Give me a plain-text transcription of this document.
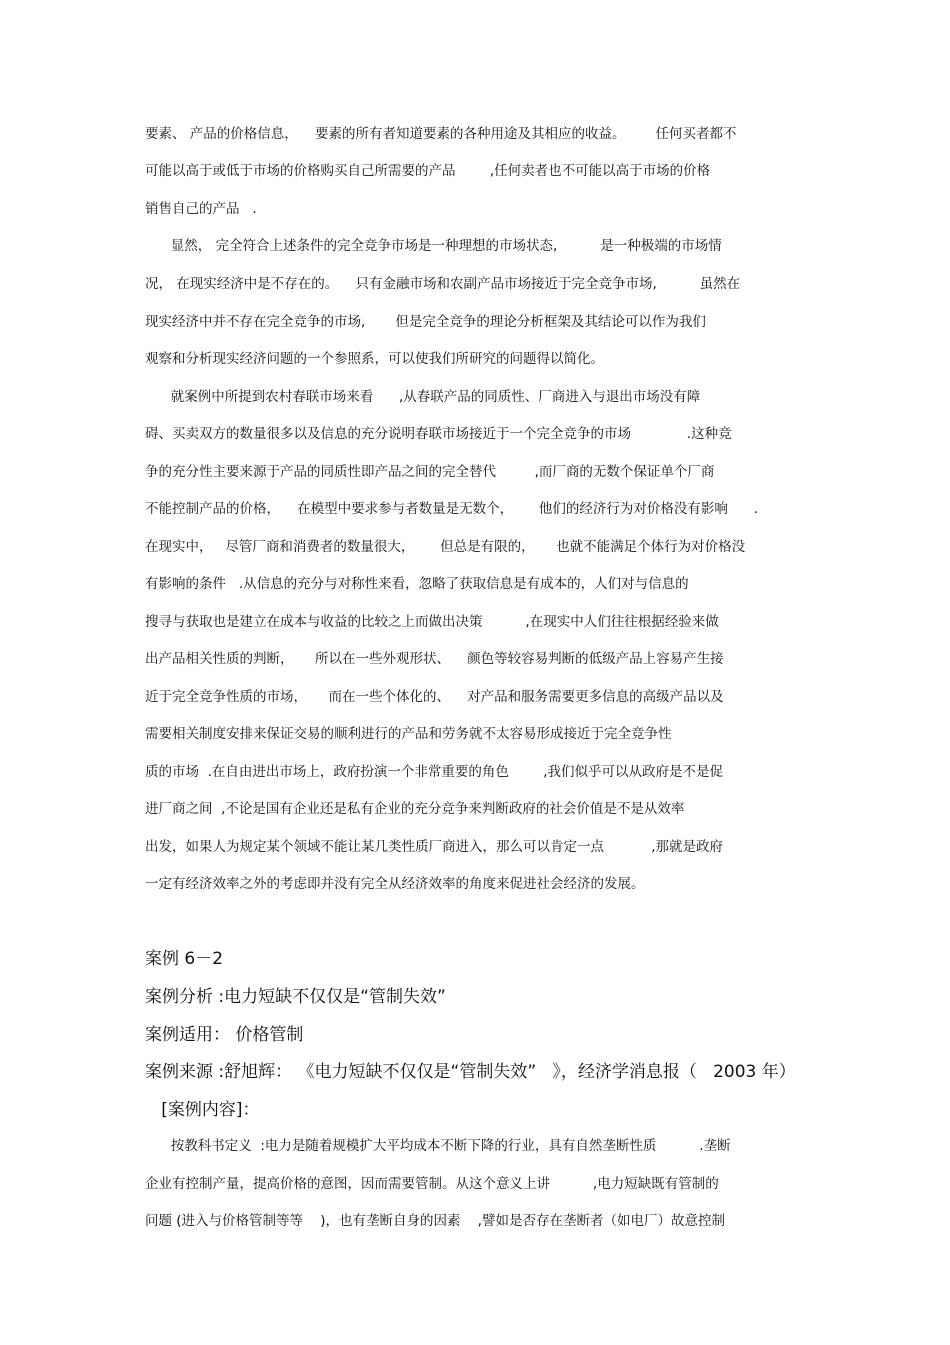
要素、 产品的价格信息，    要素的所有者知道要素的各种用途及其相应的收益。       任何买者都不
可能以高于或低于市场的价格购买自己所需要的产品        ,任何卖者也不可能以高于市场的价格
销售自己的产品   .
显然， 完全符合上述条件的完全竞争市场是一种理想的市场状态,          是一种极端的市场情
况， 在现实经济中是不存在的。    只有金融市场和农副产品市场接近于完全竞争市场,          虽然在
现实经济中并不存在完全竞争的市场,       但是完全竞争的理论分析框架及其结论可以作为我们
观察和分析现实经济问题的一个参照系，可以使我们所研究的问题得以简化。
就案例中所提到农村春联市场来看      ,从春联产品的同质性、厂商进入与退出市场没有障
碍、买卖双方的数量很多以及信息的充分说明春联市场接近于一个完全竞争的市场             .这种竞
争的充分性主要来源于产品的同质性即产品之间的完全替代         ,而厂商的无数个保证单个厂商
不能控制产品的价格，    在模型中要求参与者数量是无数个，      他们的经济行为对价格没有影响      .
在现实中，   尽管厂商和消费者的数量很大，      但总是有限的，     也就不能满足个体行为对价格没
有影响的条件   .从信息的充分与对称性来看，忽略了获取信息是有成本的，人们对与信息的
搜寻与获取也是建立在成本与收益的比较之上而做出决策          ,在现实中人们往往根据经验来做
出产品相关性质的判断，     所以在一些外观形状、    颜色等较容易判断的低级产品上容易产生接
近于完全竞争性质的市场，     而在一些个体化的、    对产品和服务需要更多信息的高级产品以及
需要相关制度安排来保证交易的顺利进行的产品和劳务就不太容易形成接近于完全竞争性
质的市场  .在自由进出市场上，政府扮演一个非常重要的角色        ,我们似乎可以从政府是不是促
进厂商之间  ,不论是国有企业还是私有企业的充分竞争来判断政府的社会价值是不是从效率
出发，如果人为规定某个领域不能让某几类性质厂商进入，那么可以肯定一点           ,那就是政府
一定有经济效率之外的考虑即并没有完全从经济效率的角度来促进社会经济的发展。
案例 6－2
案例分析 :电力短缺不仅仅是“管制失效”
案例适用： 价格管制
案例来源 :舒旭辉： 《电力短缺不仅仅是“管制失效”   》，经济学消息报（   2003 年）
[案例内容]：
按教科书定义  :电力是随着规模扩大平均成本不断下降的行业，具有自然垄断性质          .垄断
企业有控制产量，提高价格的意图，因而需要管制。从这个意义上讲          ,电力短缺既有管制的
问题 (进入与价格管制等等    )，也有垄断自身的因素    ,譬如是否存在垄断者（如电厂）故意控制
